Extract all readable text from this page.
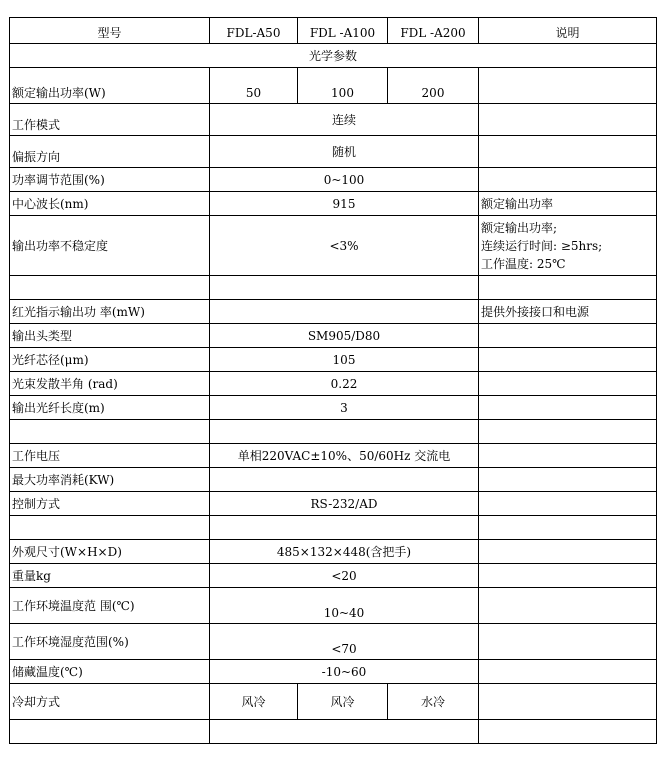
型号	FDL-A50	FDL -A100	FDL -A200	说明
光学参数				
额定输出功率(W)	50	100	200	
工作模式	连续			
偏振方向	随机			
功率调节范围(%)	0~100			
中心波长(nm)	915			额定输出功率
输出功率不稳定度	<3%			额定输出功率;
连续运行时间: ≥5hrs;
工作温度: 25℃

红光指示输出功 率(mW)				提供外接接口和电源
输出头类型	SM905/D80			
光纤芯径(μm)	105			
光束发散半角 (rad)	0.22			
输出光纤长度(m)	3			

工作电压	单相220VAC±10%、50/60Hz 交流电			
最大功率消耗(KW)				
控制方式	RS-232/AD			

外观尺寸(W×H×D)	485×132×448(含把手)			
重量kg	<20			
工作环境温度范 围(℃)	10~40			
工作环境湿度范围(%)	<70			
储藏温度(℃)	-10~60			
冷却方式	风冷	风冷	水冷	
